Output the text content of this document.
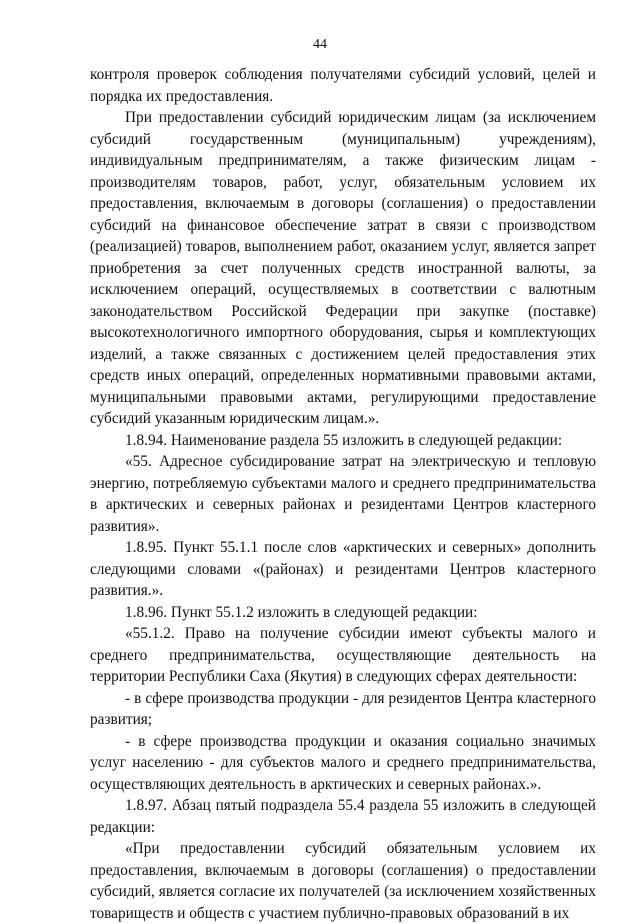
44

контроля проверок соблюдения получателями субсидий условий, целей и порядка их предоставления.

При предоставлении субсидий юридическим лицам (за исключением субсидий государственным (муниципальным) учреждениям), индивидуальным предпринимателям, а также физическим лицам - производителям товаров, работ, услуг, обязательным условием их предоставления, включаемым в договоры (соглашения) о предоставлении субсидий на финансовое обеспечение затрат в связи с производством (реализацией) товаров, выполнением работ, оказанием услуг, является запрет приобретения за счет полученных средств иностранной валюты, за исключением операций, осуществляемых в соответствии с валютным законодательством Российской Федерации при закупке (поставке) высокотехнологичного импортного оборудования, сырья и комплектующих изделий, а также связанных с достижением целей предоставления этих средств иных операций, определенных нормативными правовыми актами, муниципальными правовыми актами, регулирующими предоставление субсидий указанным юридическим лицам.».

1.8.94. Наименование раздела 55 изложить в следующей редакции:

«55. Адресное субсидирование затрат на электрическую и тепловую энергию, потребляемую субъектами малого и среднего предпринимательства в арктических и северных районах и резидентами Центров кластерного развития».

1.8.95. Пункт 55.1.1 после слов «арктических и северных» дополнить следующими словами «(районах) и резидентами Центров кластерного развития.».

1.8.96. Пункт 55.1.2 изложить в следующей редакции:

«55.1.2. Право на получение субсидии имеют субъекты малого и среднего предпринимательства, осуществляющие деятельность на территории Республики Саха (Якутия) в следующих сферах деятельности:

- в сфере производства продукции - для резидентов Центра кластерного развития;

- в сфере производства продукции и оказания социально значимых услуг населению - для субъектов малого и среднего предпринимательства, осуществляющих деятельность в арктических и северных районах.».

1.8.97. Абзац пятый подраздела 55.4 раздела 55 изложить в следующей редакции:

«При предоставлении субсидий обязательным условием их предоставления, включаемым в договоры (соглашения) о предоставлении субсидий, является согласие их получателей (за исключением хозяйственных товариществ и обществ с участием публично-правовых образований в их
